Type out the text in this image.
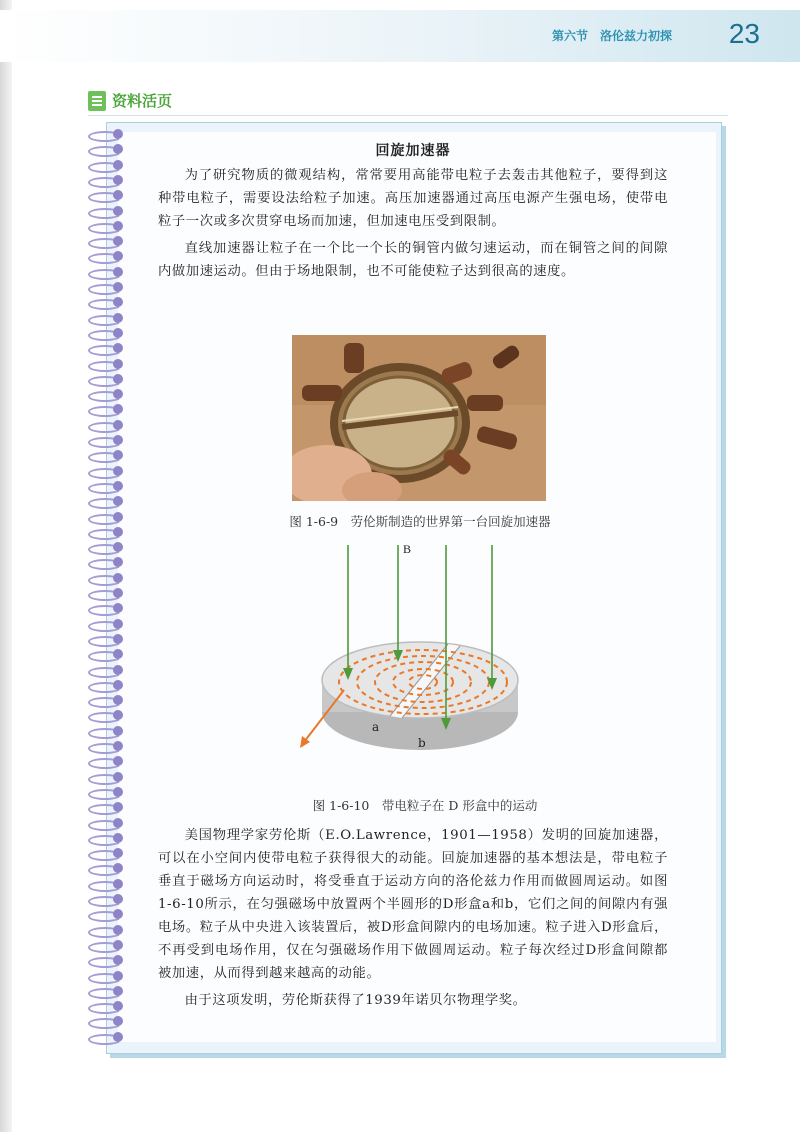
第六节　洛伦兹力初探 23
资料活页
回旋加速器

为了研究物质的微观结构，常常要用高能带电粒子去轰击其他粒子，要得到这种带电粒子，需要设法给粒子加速。高压加速器通过高压电源产生强电场，使带电粒子一次或多次贯穿电场而加速，但加速电压受到限制。

直线加速器让粒子在一个比一个长的铜管内做匀速运动，而在铜管之间的间隙内做加速运动。但由于场地限制，也不可能使粒子达到很高的速度。

图 1-6-9　劳伦斯制造的世界第一台回旋加速器
B
a
b
图 1-6-10　带电粒子在 D 形盒中的运动

美国物理学家劳伦斯（E.O.Lawrence，1901—1958）发明的回旋加速器，可以在小空间内使带电粒子获得很大的动能。回旋加速器的基本想法是，带电粒子垂直于磁场方向运动时，将受垂直于运动方向的洛伦兹力作用而做圆周运动。如图1-6-10所示，在匀强磁场中放置两个半圆形的D形盒a和b，它们之间的间隙内有强电场。粒子从中央进入该装置后，被D形盒间隙内的电场加速。粒子进入D形盒后，不再受到电场作用，仅在匀强磁场作用下做圆周运动。粒子每次经过D形盒间隙都被加速，从而得到越来越高的动能。

由于这项发明，劳伦斯获得了1939年诺贝尔物理学奖。
